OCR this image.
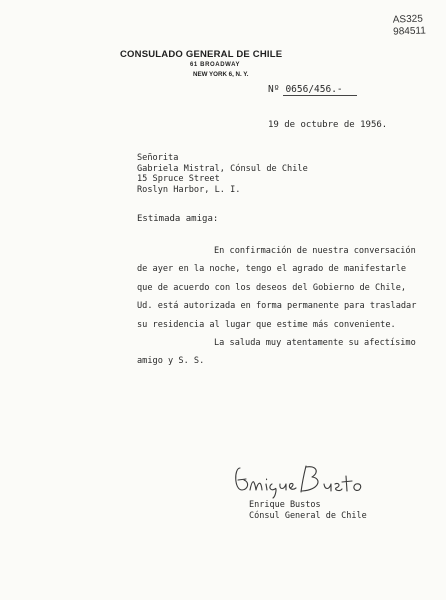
AS325
984511
CONSULADO GENERAL DE CHILE
61 BROADWAY
NEW YORK 6, N. Y.
Nº 0656/456.-
19 de octubre de 1956.
Señorita
Gabriela Mistral, Cónsul de Chile
15 Spruce Street
Roslyn Harbor, L. I.
Estimada amiga:
En confirmación de nuestra conversación
de ayer en la noche, tengo el agrado de manifestarle
que de acuerdo con los deseos del Gobierno de Chile,
Ud. está autorizada en forma permanente para trasladar
su residencia al lugar que estime más conveniente.
La saluda muy atentamente su afectísimo
amigo y S. S.
Enrique Bustos
Cónsul General de Chile
